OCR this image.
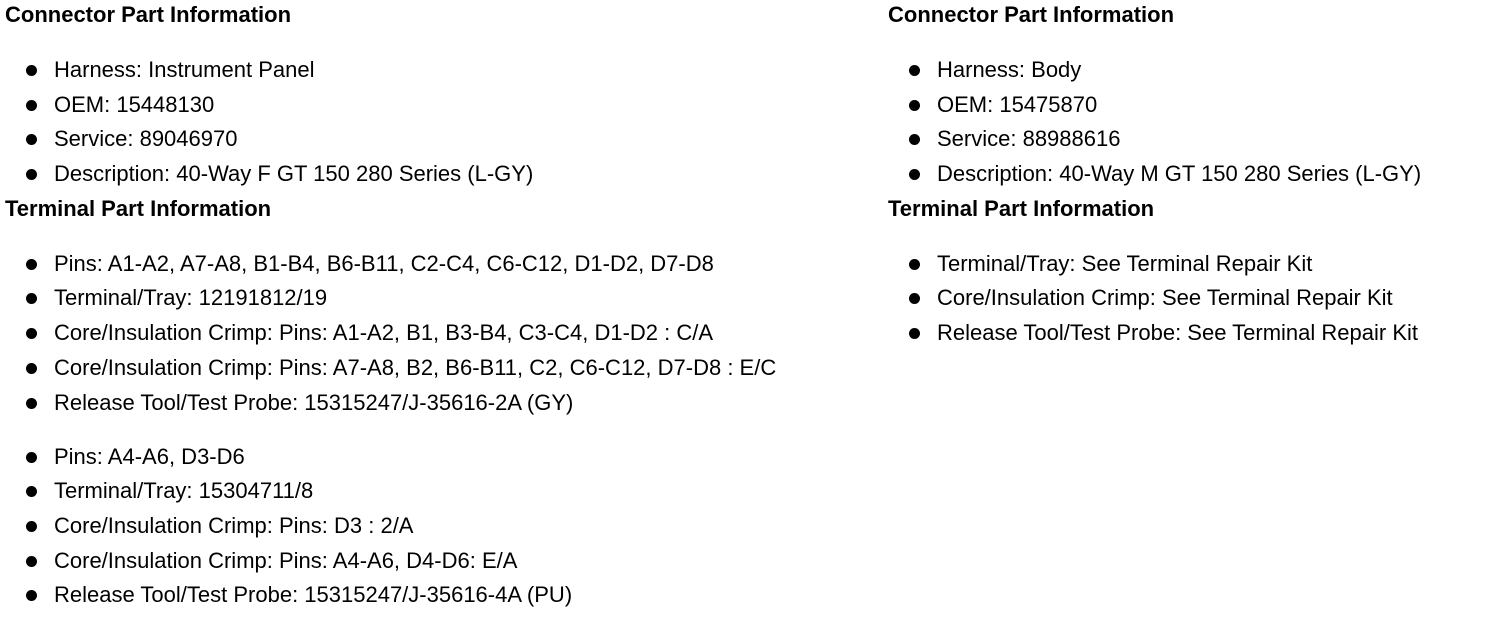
Connector Part Information
Harness: Instrument Panel
OEM: 15448130
Service: 89046970
Description: 40-Way F GT 150 280 Series (L-GY)
Terminal Part Information
Pins: A1-A2, A7-A8, B1-B4, B6-B11, C2-C4, C6-C12, D1-D2, D7-D8
Terminal/Tray: 12191812/19
Core/Insulation Crimp: Pins: A1-A2, B1, B3-B4, C3-C4, D1-D2 : C/A
Core/Insulation Crimp: Pins: A7-A8, B2, B6-B11, C2, C6-C12, D7-D8 : E/C
Release Tool/Test Probe: 15315247/J-35616-2A (GY)
Pins: A4-A6, D3-D6
Terminal/Tray: 15304711/8
Core/Insulation Crimp: Pins: D3 : 2/A
Core/Insulation Crimp: Pins: A4-A6, D4-D6: E/A
Release Tool/Test Probe: 15315247/J-35616-4A (PU)
Connector Part Information
Harness: Body
OEM: 15475870
Service: 88988616
Description: 40-Way M GT 150 280 Series (L-GY)
Terminal Part Information
Terminal/Tray: See Terminal Repair Kit
Core/Insulation Crimp: See Terminal Repair Kit
Release Tool/Test Probe: See Terminal Repair Kit
